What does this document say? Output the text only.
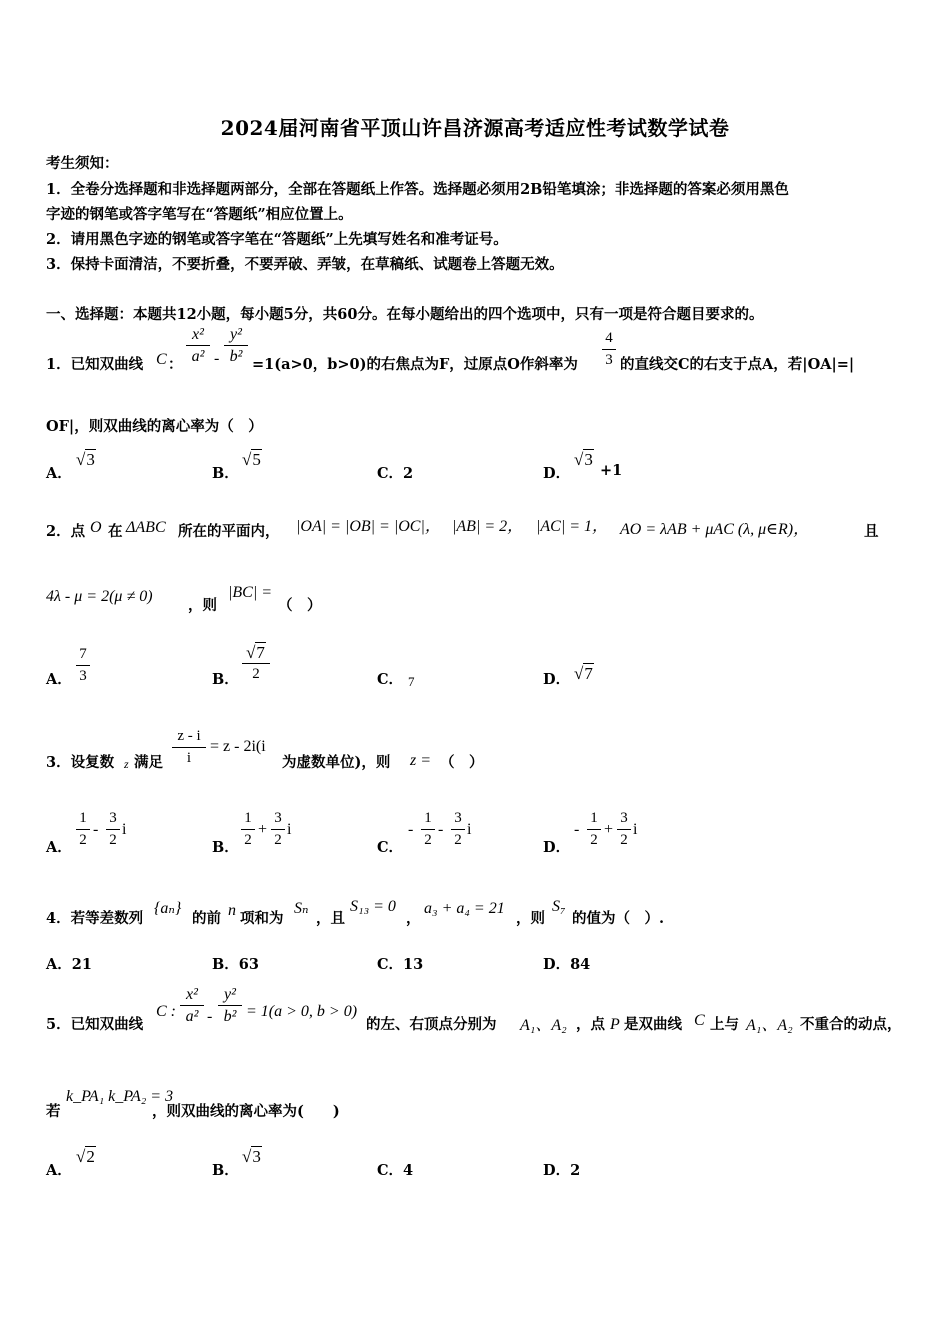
2024届河南省平顶山许昌济源高考适应性考试数学试卷
考生须知：
1．全卷分选择题和非选择题两部分，全部在答题纸上作答。选择题必须用2B铅笔填涂；非选择题的答案必须用黑色
字迹的钢笔或答字笔写在“答题纸”相应位置上。
2．请用黑色字迹的钢笔或答字笔在“答题纸”上先填写姓名和准考证号。
3．保持卡面清洁，不要折叠，不要弄破、弄皱，在草稿纸、试题卷上答题无效。
一、选择题：本题共12小题，每小题5分，共60分。在每小题给出的四个选项中，只有一项是符合题目要求的。
1．已知双曲线 C ：
x²
a² -
y²
b² =1(a>0，b>0)的右焦点为F，过原点O作斜率为
4
3 的直线交C的右支于点A，若|OA|=|
OF|，则双曲线的离心率为（　）
A．
√3
B．
√5
C．2	D．
√3
+1
2．点 O 在 ΔABC 所在的平面内， |OA| = |OB| = |OC|， |AB| = 2， |AC| = 1， AO = λAB + μAC (λ, μ∈R)，	且
4λ - μ = 2(μ ≠ 0)
，则
|BC| =
（　）
A．
7
3	B．
√7
2	C． 7	D． √7
3．设复数 z 满足
z - i
i
= z - 2i(i
为虚数单位)，则 z = （　）
A．
1
2
-
3
2
i
B．
1
2
+
3
2
i
C．
-
1
2
-
3
2
i
D．
-
1
2
+
3
2
i
4．若等差数列
{aₙ}
的前 n 项和为
Sₙ
，且
S₁₃ = 0
，
a₃ + a₄ = 21
，则
S₇
的值为（　）.
A．21	B．63	C．13	D．84
5．已知双曲线
C :
x²
a² -
y²
b² = 1(a > 0, b > 0)
的左、右顶点分别为 A₁、A₂ ，点 P 是双曲线 C 上与 A₁、A₂ 不重合的动点，
若
k_PA₁ k_PA₂ = 3
，则双曲线的离心率为(　　)
A．
√2
B．
√3
C．4	D．2
